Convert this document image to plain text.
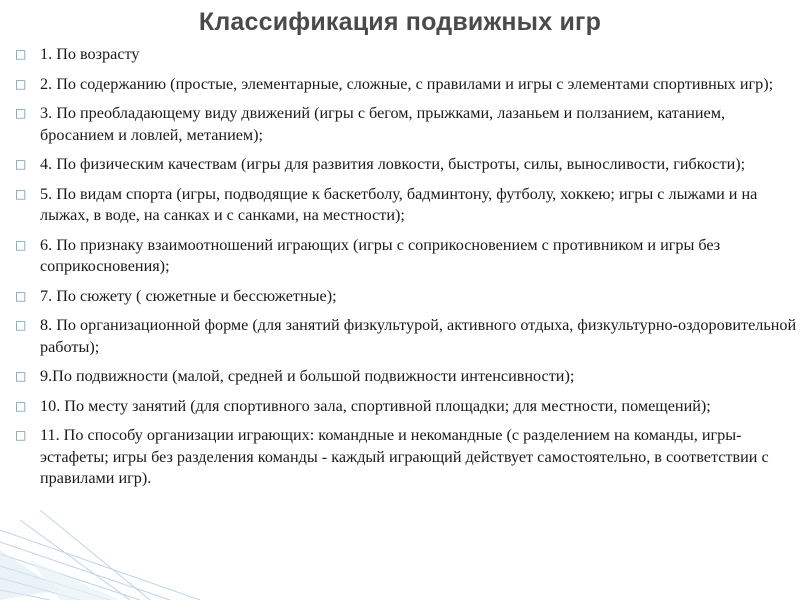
Классификация подвижных игр
□ 1. По возрасту
□ 2. По содержанию (простые, элементарные, сложные, с правилами и игры с элементами спортивных игр);
□ 3. По преобладающему виду движений (игры с бегом, прыжками, лазаньем и ползанием, катанием, бросанием и ловлей, метанием);
□ 4. По физическим качествам (игры для развития ловкости, быстроты, силы, выносливости, гибкости);
□ 5. По видам спорта (игры, подводящие к баскетболу, бадминтону, футболу, хоккею; игры с лыжами и на лыжах, в воде, на санках и с санками, на местности);
□ 6. По признаку взаимоотношений играющих (игры с соприкосновением с противником и игры без соприкосновения);
□ 7. По сюжету ( сюжетные и бессюжетные);
□ 8. По организационной форме (для занятий физкультурой, активного отдыха, физкультурно-оздоровительной работы);
□ 9.По подвижности (малой, средней и большой подвижности интенсивности);
□ 10. По месту занятий (для спортивного зала, спортивной площадки; для местности, помещений);
□ 11. По способу организации играющих: командные и некомандные (с разделением на команды, игры-эстафеты; игры без разделения команды - каждый играющий действует самостоятельно, в соответствии с правилами игр).
